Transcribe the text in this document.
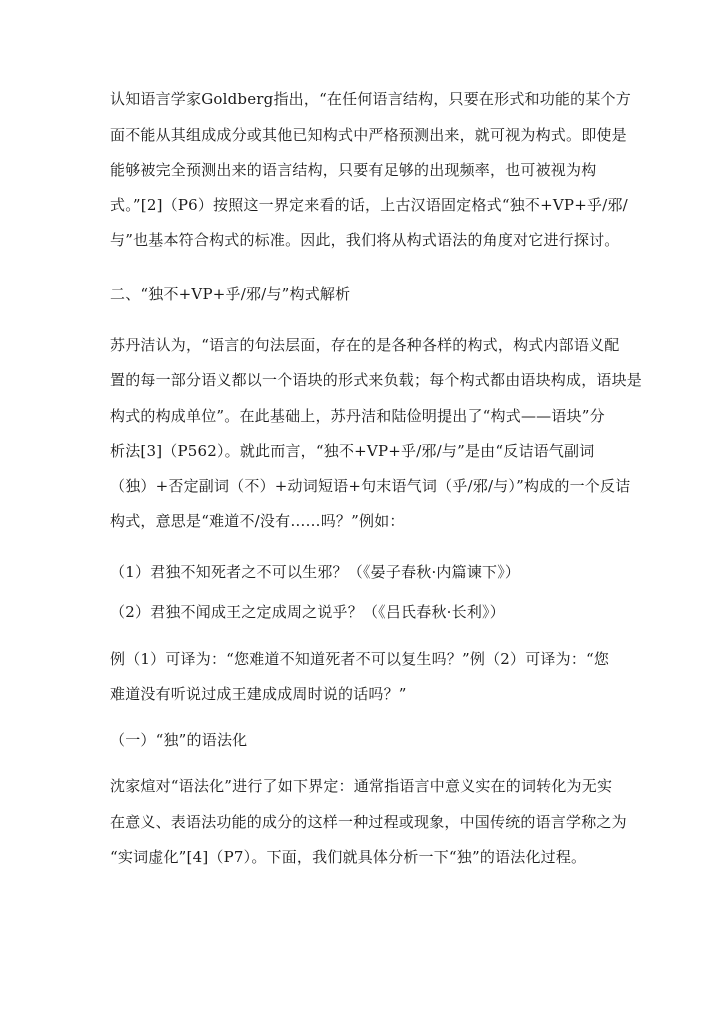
认知语言学家Goldberg指出，“在任何语言结构，只要在形式和功能的某个方
面不能从其组成成分或其他已知构式中严格预测出来，就可视为构式。即使是
能够被完全预测出来的语言结构，只要有足够的出现频率，也可被视为构
式。”[2]（P6）按照这一界定来看的话，上古汉语固定格式“独不+VP+乎/邪/
与”也基本符合构式的标准。因此，我们将从构式语法的角度对它进行探讨。
二、“独不+VP+乎/邪/与”构式解析
苏丹洁认为，“语言的句法层面，存在的是各种各样的构式，构式内部语义配
置的每一部分语义都以一个语块的形式来负载；每个构式都由语块构成，语块是
构式的构成单位”。在此基础上，苏丹洁和陆俭明提出了“构式——语块”分
析法[3]（P562）。就此而言，“独不+VP+乎/邪/与”是由“反诘语气副词
（独）+否定副词（不）+动词短语+句末语气词（乎/邪/与）”构成的一个反诘
构式，意思是“难道不/没有……吗？”例如：
（1）君独不知死者之不可以生邪？（《晏子春秋·内篇谏下》）
（2）君独不闻成王之定成周之说乎？（《吕氏春秋·长利》）
例（1）可译为：“您难道不知道死者不可以复生吗？”例（2）可译为：“您
难道没有听说过成王建成成周时说的话吗？”
（一）“独”的语法化
沈家煊对“语法化”进行了如下界定：通常指语言中意义实在的词转化为无实
在意义、表语法功能的成分的这样一种过程或现象，中国传统的语言学称之为
“实词虚化”[4]（P7）。下面，我们就具体分析一下“独”的语法化过程。
